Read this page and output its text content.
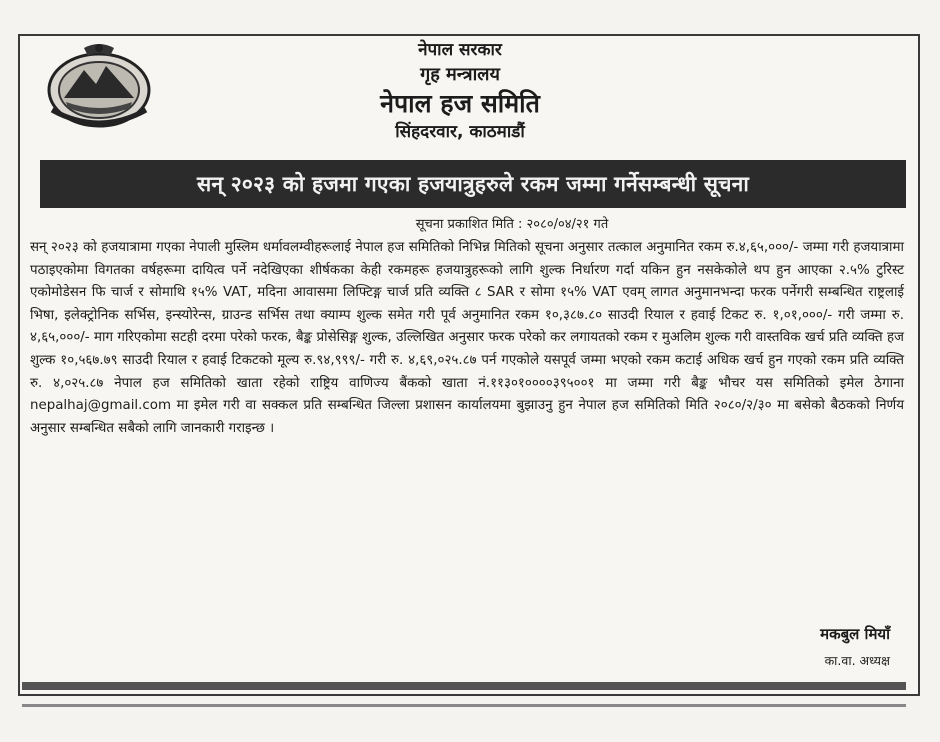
नेपाल सरकार
गृह मन्त्रालय
नेपाल हज समिति
सिंहदरवार, काठमाडौं
सन् २०२३ को हजमा गएका हजयात्रुहरुले रकम जम्मा गर्नेसम्बन्धी सूचना
सूचना प्रकाशित मिति : २०८०/०४/२१ गते
सन् २०२३ को हजयात्रामा गएका नेपाली मुस्लिम धर्मावलम्वीहरूलाई नेपाल हज समितिको निभिन्न मितिको सूचना अनुसार तत्काल अनुमानित रकम रु.४,६५,०००/- जम्मा गरी हजयात्रामा पठाइएकोमा विगतका वर्षहरूमा दायित्व पर्ने नदेखिएका शीर्षकका केही रकमहरू हजयात्रुहरूको लागि शुल्क निर्धारण गर्दा यकिन हुन नसकेकोले थप हुन आएका २.५% टुरिस्ट एकोमोडेसन फि चार्ज र सोमाथि १५% VAT, मदिना आवासमा लिफ्टिङ्ग चार्ज प्रति व्यक्ति ८ SAR र सोमा १५% VAT एवम् लागत अनुमानभन्दा फरक पर्नेगरी सम्बन्धित राष्ट्रलाई भिषा, इलेक्ट्रोनिक सर्भिस, इन्स्योरेन्स, ग्राउन्ड सर्भिस तथा क्याम्प शुल्क समेत गरी पूर्व अनुमानित रकम १०,३८७.८० साउदी रियाल र हवाई टिकट रु. १,०१,०००/- गरी जम्मा रु. ४,६५,०००/- माग गरिएकोमा सटही दरमा परेको फरक, बैङ्क प्रोसेसिङ्ग शुल्क, उल्लिखित अनुसार फरक परेको कर लगायतको रकम र मुअलिम शुल्क गरी वास्तविक खर्च प्रति व्यक्ति हज शुल्क १०,५६७.७९ साउदी रियाल र हवाई टिकटको मूल्य रु.९४,९९९/- गरी रु. ४,६९,०२५.८७ पर्न गएकोले यसपूर्व जम्मा भएको रकम कटाई अधिक खर्च हुन गएको रकम प्रति व्यक्ति रु. ४,०२५.८७ नेपाल हज समितिको खाता रहेको राष्ट्रिय वाणिज्य बैंकको खाता नं.११३०१००००३९५००१ मा जम्मा गरी बैङ्क भौचर यस समितिको इमेल ठेगाना nepalhaj@gmail.com मा इमेल गरी वा सक्कल प्रति सम्बन्धित जिल्ला प्रशासन कार्यालयमा बुझाउनु हुन नेपाल हज समितिको मिति २०८०/२/३० मा बसेको बैठकको निर्णय अनुसार सम्बन्धित सबैको लागि जानकारी गराइन्छ ।
मकबुल मियाँ
का.वा. अध्यक्ष
